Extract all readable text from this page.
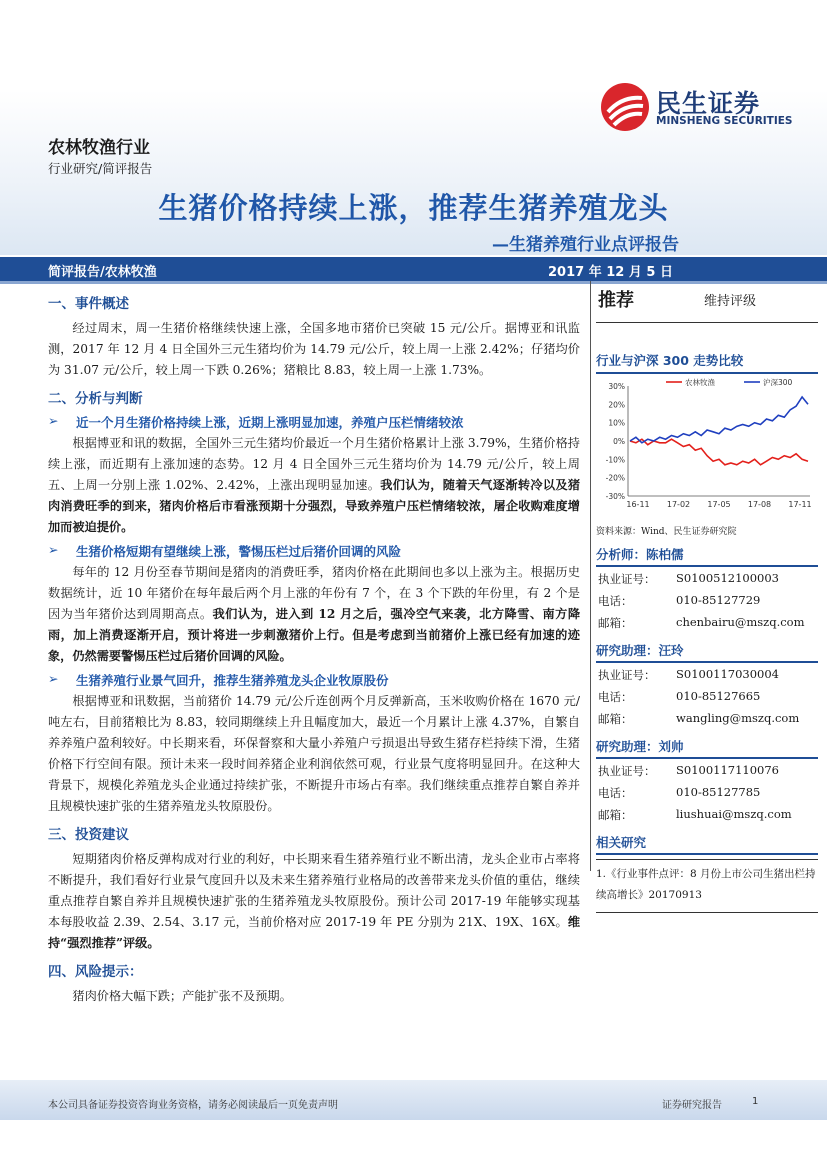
民生证券
MINSHENG SECURITIES
农林牧渔行业
行业研究/简评报告
生猪价格持续上涨，推荐生猪养殖龙头
—生猪养殖行业点评报告
简评报告/农林牧渔	2017 年 12 月 5 日
一、事件概述

经过周末，周一生猪价格继续快速上涨，全国多地市猪价已突破 15 元/公斤。据博亚和讯监测，2017 年 12 月 4 日全国外三元生猪均价为 14.79 元/公斤，较上周一上涨 2.42%；仔猪均价为 31.07 元/公斤，较上周一下跌 0.26%；猪粮比 8.83，较上周一上涨 1.73%。

二、分析与判断
➢ 近一个月生猪价格持续上涨，近期上涨明显加速，养殖户压栏情绪较浓

根据博亚和讯的数据，全国外三元生猪均价最近一个月生猪价格累计上涨 3.79%，生猪价格持续上涨，而近期有上涨加速的态势。12 月 4 日全国外三元生猪均价为 14.79 元/公斤，较上周五、上周一分别上涨 1.02%、2.42%，上涨出现明显加速。我们认为，随着天气逐渐转冷以及猪肉消费旺季的到来，猪肉价格后市看涨预期十分强烈，导致养殖户压栏情绪较浓，屠企收购难度增加而被迫提价。

➢ 生猪价格短期有望继续上涨，警惕压栏过后猪价回调的风险

每年的 12 月份至春节期间是猪肉的消费旺季，猪肉价格在此期间也多以上涨为主。根据历史数据统计，近 10 年猪价在每年最后两个月上涨的年份有 7 个，在 3 个下跌的年份里，有 2 个是因为当年猪价达到周期高点。我们认为，进入到 12 月之后，强冷空气来袭，北方降雪、南方降雨，加上消费逐渐开启，预计将进一步刺激猪价上行。但是考虑到当前猪价上涨已经有加速的迹象，仍然需要警惕压栏过后猪价回调的风险。

➢ 生猪养殖行业景气回升，推荐生猪养殖龙头企业牧原股份

根据博亚和讯数据，当前猪价 14.79 元/公斤连创两个月反弹新高，玉米收购价格在 1670 元/吨左右，目前猪粮比为 8.83，较同期继续上升且幅度加大，最近一个月累计上涨 4.37%，自繁自养养殖户盈利较好。中长期来看，环保督察和大量小养殖户亏损退出导致生猪存栏持续下滑，生猪价格下行空间有限。预计未来一段时间养猪企业利润依然可观，行业景气度将明显回升。在这种大背景下，规模化养殖龙头企业通过持续扩张，不断提升市场占有率。我们继续重点推荐自繁自养并且规模快速扩张的生猪养殖龙头牧原股份。

三、投资建议

短期猪肉价格反弹构成对行业的利好，中长期来看生猪养殖行业不断出清，龙头企业市占率将不断提升，我们看好行业景气度回升以及未来生猪养殖行业格局的改善带来龙头价值的重估，继续重点推荐自繁自养并且规模快速扩张的生猪养殖龙头牧原股份。预计公司 2017-19 年能够实现基本每股收益 2.39、2.54、3.17 元，当前价格对应 2017-19 年 PE 分别为 21X、19X、16X。维持“强烈推荐”评级。

四、风险提示：

猪肉价格大幅下跌；产能扩张不及预期。

推荐	维持评级
行业与沪深 300 走势比较
30%
20%
10%
0%
-10%
-20%
-30%
16-11 17-02 17-05 17-08 17-11
农林牧渔	沪深300
资料来源：Wind、民生证券研究院
分析师：陈柏儒
执业证号： S0100512100003
电话：	010-85127729
邮箱：	chenbairu@mszq.com
研究助理：汪玲
执业证号： S0100117030004
电话：	010-85127665
邮箱：	wangling@mszq.com
研究助理：刘帅
执业证号： S0100117110076
电话：	010-85127785
邮箱：	liushuai@mszq.com
相关研究
1.《行业事件点评：8 月份上市公司生猪出栏持续高增长》20170913
本公司具备证券投资咨询业务资格，请务必阅读最后一页免责声明	证券研究报告	1
